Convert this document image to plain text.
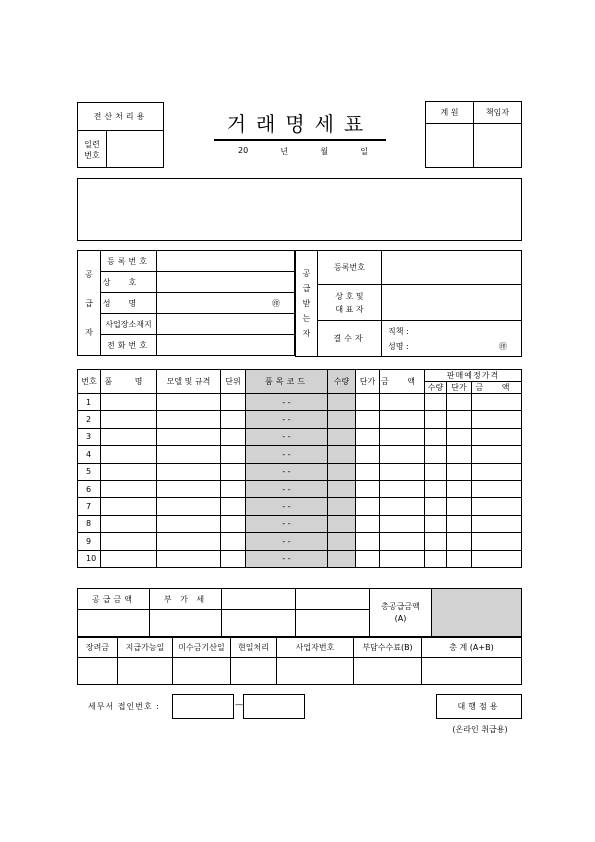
전산처리용
일련
번호
거래명세표
20	년	월	일
계 원	책임자

공
급
자	등록번호	
	상호	
	성명	㊞
	사업장소재지	
	전화번호	
공
급
받
는
자	등록번호	

	상 호 및
대 표 자	

	결수자	직책 :
성명 : ㊞
번호	품 명	모델 및 규격	단위	품목코드	수량	단가	금 액	판매예정가격		
								수량	단가	금 액
1				- -						
2				- -						
3				- -						
4				- -						
5				- -						
6				- -						
7				- -						
8				- -						
9				- -						
10				- -						
공급금액	부 가 세			총공급금액
(A)	

장려금	지급가능일	미수금기산일	현일처리	사업자번호	부담수수료(B)	총 계 (A+B)

세무서 접인번호 :	—	대행점용
(온라인 취급용)
